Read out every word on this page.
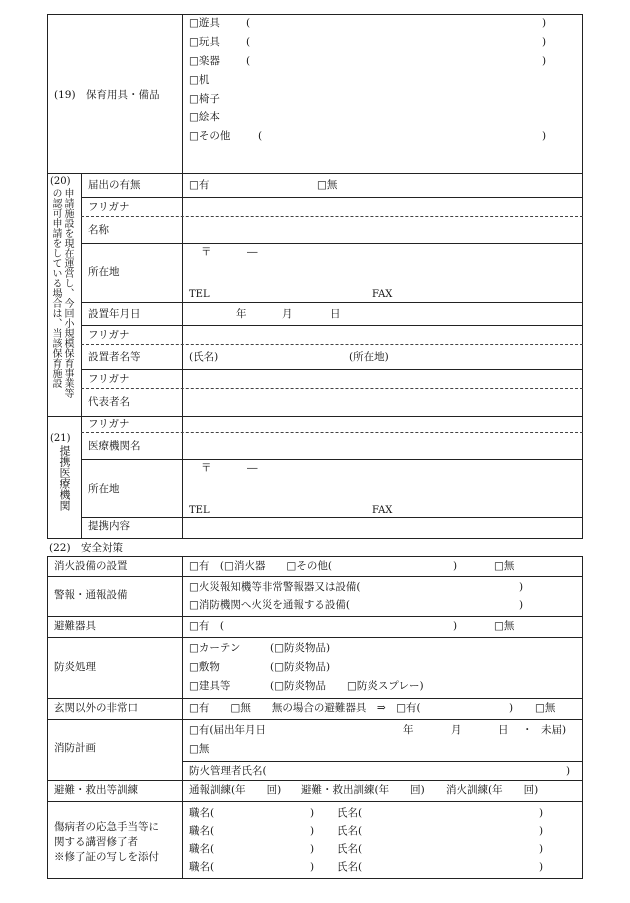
(19)　保育用具・備品
□遊具 (	)
□玩具 (	)
□楽器 (	)
□机
□椅子
□絵本
□その他	(	)
(20)
申請施設を現在運営し、今回小規模保育事業等
の認可申請をしている場合は、当該保育施設
届出の有無	□有	□無
フリガナ
名称
所在地
〒	―
TEL	FAX
設置年月日	年	月	日
フリガナ
設置者名等	(氏名)	(所在地)
フリガナ
代表者名
(21)
提携医療機関
フリガナ
医療機関名
所在地
〒	―
TEL	FAX
提携内容
(22)　安全対策
消火設備の設置	□有　(□消火器　　□その他(	)	□無
警報・通報設備
□火災報知機等非常警報器又は設備(	)
□消防機関へ火災を通報する設備(	)
避難器具	□有　(	)	□無
防炎処理
□カーテン	(□防炎物品)
□敷物	(□防炎物品)
□建具等	(□防炎物品　　□防炎スプレー)
玄関以外の非常口	□有　　□無　　無の場合の避難器具　⇒　□有(	) □無
消防計画
□有(届出年月日	年	月	日 ・ 未届)
□無
防火管理者氏名(	)
避難・救出等訓練	通報訓練(年　　回) 避難・救出訓練(年　　回) 消火訓練(年　　回)
傷病者の応急手当等に
関する講習修了者
※修了証の写しを添付
職名(	) 氏名(	)
職名(	) 氏名(	)
職名(	) 氏名(	)
職名(	) 氏名(	)
